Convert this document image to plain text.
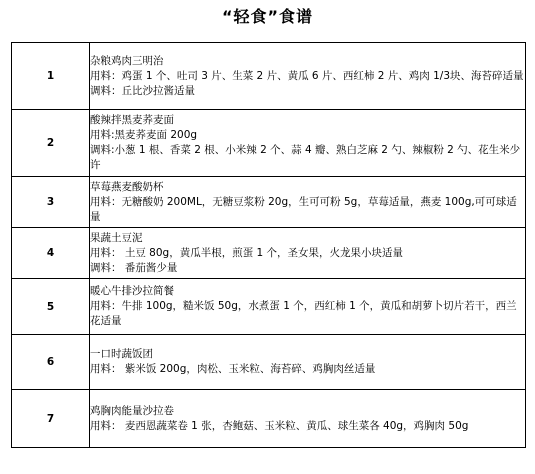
“轻食”食谱
1	杂粮鸡肉三明治
用料：鸡蛋 1 个、吐司 3 片、生菜 2 片、黄瓜 6 片、西红柿 2 片、鸡肉 1/3块、海苔碎适量
调料：丘比沙拉酱适量

2	酸辣拌黑麦荞麦面
用料:黑麦荞麦面 200g
调料:小葱 1 根、香菜 2 根、小米辣 2 个、蒜 4 瓣、熟白芝麻 2 勺、辣椒粉 2 勺、花生米少许

3	草莓燕麦酸奶杯
用料：无糖酸奶 200ML，无糖豆浆粉 20g，生可可粉 5g，草莓适量，燕麦 100g,可可球适量

4	果蔬土豆泥
用料： 土豆 80g，黄瓜半根，煎蛋 1 个，圣女果，火龙果小块适量
调料： 番茄酱少量

5	暖心牛排沙拉简餐
用料：牛排 100g，糙米饭 50g，水煮蛋 1 个，西红柿 1 个，黄瓜和胡萝卜切片若干，西兰花适量

6	一口时蔬饭团
用料： 紫米饭 200g，肉松、玉米粒、海苔碎、鸡胸肉丝适量

7	鸡胸肉能量沙拉卷
用料： 麦西恩蔬菜卷 1 张，杏鲍菇、玉米粒、黄瓜、球生菜各 40g，鸡胸肉 50g
